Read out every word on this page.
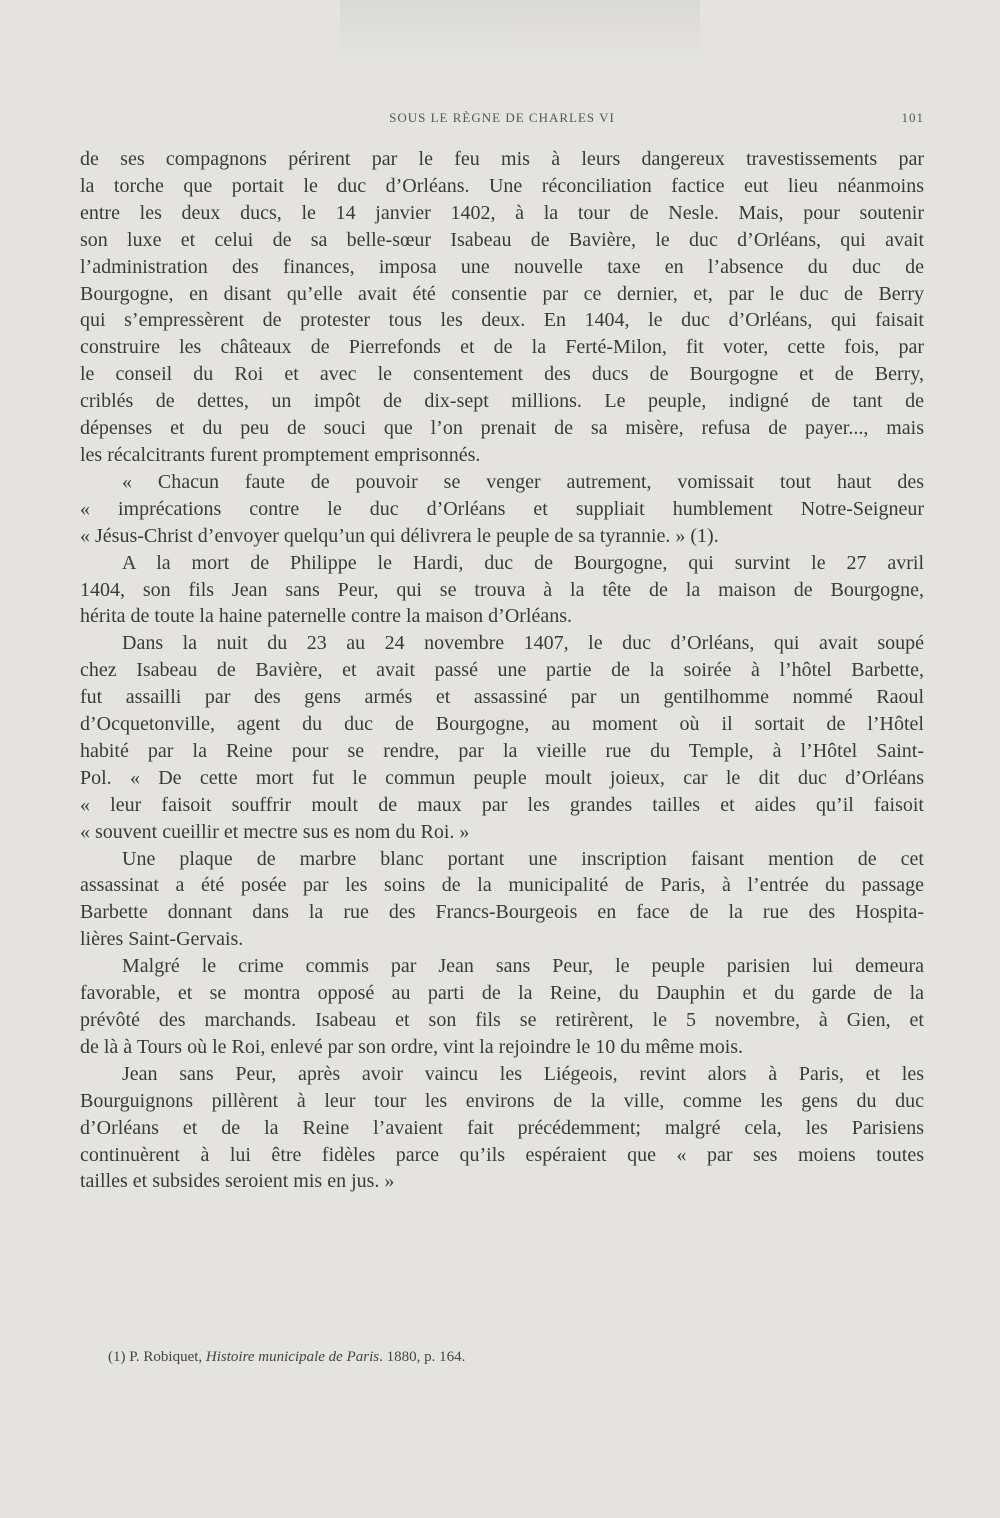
SOUS LE RÈGNE DE CHARLES VI	101

de ses compagnons périrent par le feu mis à leurs dangereux travestissements par
la torche que portait le duc d’Orléans. Une réconciliation factice eut lieu néanmoins
entre les deux ducs, le 14 janvier 1402, à la tour de Nesle. Mais, pour soutenir
son luxe et celui de sa belle-sœur Isabeau de Bavière, le duc d’Orléans, qui avait
l’administration des finances, imposa une nouvelle taxe en l’absence du duc de
Bourgogne, en disant qu’elle avait été consentie par ce dernier, et, par le duc de Berry
qui s’empressèrent de protester tous les deux. En 1404, le duc d’Orléans, qui faisait
construire les châteaux de Pierrefonds et de la Ferté-Milon, fit voter, cette fois, par
le conseil du Roi et avec le consentement des ducs de Bourgogne et de Berry,
criblés de dettes, un impôt de dix-sept millions. Le peuple, indigné de tant de
dépenses et du peu de souci que l’on prenait de sa misère, refusa de payer..., mais
les récalcitrants furent promptement emprisonnés.

« Chacun faute de pouvoir se venger autrement, vomissait tout haut des
« imprécations contre le duc d’Orléans et suppliait humblement Notre-Seigneur
« Jésus-Christ d’envoyer quelqu’un qui délivrera le peuple de sa tyrannie. » (1).

A la mort de Philippe le Hardi, duc de Bourgogne, qui survint le 27 avril
1404, son fils Jean sans Peur, qui se trouva à la tête de la maison de Bourgogne,
hérita de toute la haine paternelle contre la maison d’Orléans.

Dans la nuit du 23 au 24 novembre 1407, le duc d’Orléans, qui avait soupé
chez Isabeau de Bavière, et avait passé une partie de la soirée à l’hôtel Barbette,
fut assailli par des gens armés et assassiné par un gentilhomme nommé Raoul
d’Ocquetonville, agent du duc de Bourgogne, au moment où il sortait de l’Hôtel
habité par la Reine pour se rendre, par la vieille rue du Temple, à l’Hôtel Saint-
Pol. « De cette mort fut le commun peuple moult joieux, car le dit duc d’Orléans
« leur faisoit souffrir moult de maux par les grandes tailles et aides qu’il faisoit
« souvent cueillir et mectre sus es nom du Roi. »

Une plaque de marbre blanc portant une inscription faisant mention de cet
assassinat a été posée par les soins de la municipalité de Paris, à l’entrée du passage
Barbette donnant dans la rue des Francs-Bourgeois en face de la rue des Hospita-
lières Saint-Gervais.

Malgré le crime commis par Jean sans Peur, le peuple parisien lui demeura
favorable, et se montra opposé au parti de la Reine, du Dauphin et du garde de la
prévôté des marchands. Isabeau et son fils se retirèrent, le 5 novembre, à Gien, et
de là à Tours où le Roi, enlevé par son ordre, vint la rejoindre le 10 du même mois.

Jean sans Peur, après avoir vaincu les Liégeois, revint alors à Paris, et les
Bourguignons pillèrent à leur tour les environs de la ville, comme les gens du duc
d’Orléans et de la Reine l’avaient fait précédemment; malgré cela, les Parisiens
continuèrent à lui être fidèles parce qu’ils espéraient que « par ses moiens toutes
tailles et subsides seroient mis en jus. »

(1) P. Robiquet, Histoire municipale de Paris. 1880, p. 164.
